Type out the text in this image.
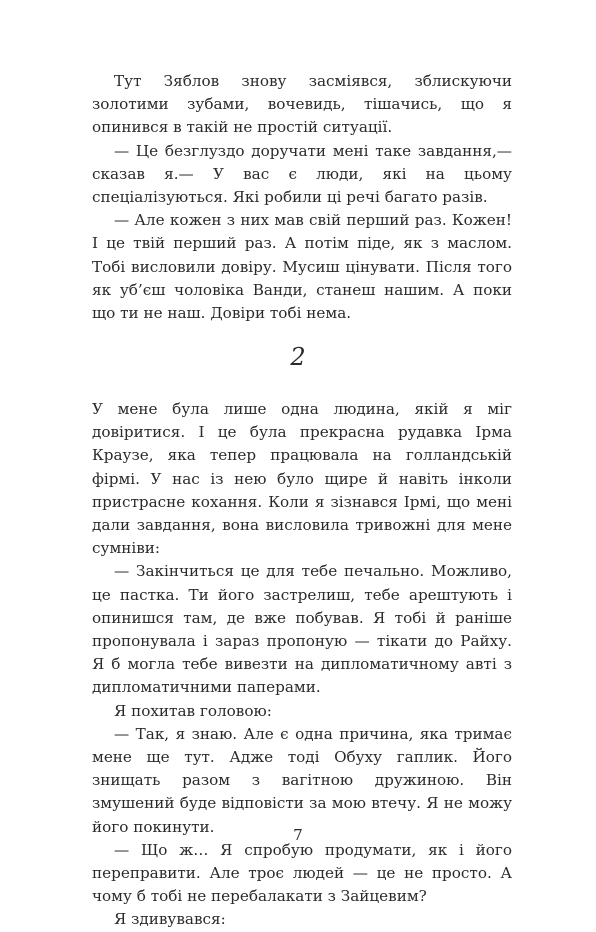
Тут Зяблов знову засміявся, зблискуючи золотими зубами, вочевидь, тішачись, що я опинився в такій не простій ситуації.

— Це безглуздо доручати мені таке завдання,— сказав я.— У вас є люди, які на цьому спеціалізуються. Які робили ці речі багато разів.

— Але кожен з них мав свій перший раз. Кожен! І це твій перший раз. А потім піде, як з маслом. Тобі висловили довіру. Мусиш цінувати. Після того як уб’єш чоловіка Ванди, станеш нашим. А поки що ти не наш. Довіри тобі нема.

2

У мене була лише одна людина, якій я міг довіритися. І це була прекрасна рудавка Ірма Краузе, яка тепер працювала на голландській фірмі. У нас із нею було щире й навіть інколи пристрасне кохання. Коли я зізнався Ірмі, що мені дали завдання, вона висловила тривожні для мене сумніви:

— Закінчиться це для тебе печально. Можливо, це пастка. Ти його застрелиш, тебе арештують і опинишся там, де вже побував. Я тобі й раніше пропонувала і зараз пропоную — тікати до Райху. Я б могла тебе вивезти на дипломатичному авті з дипломатичними паперами.

Я похитав головою:

— Так, я знаю. Але є одна причина, яка тримає мене ще тут. Адже тоді Обуху гаплик. Його знищать разом з вагітною дружиною. Він змушений буде відповісти за мою втечу. Я не можу його покинути.

— Що ж… Я спробую продумати, як і його переправити. Але троє людей — це не просто. А чому б тобі не перебалакати з Зайцевим?

Я здивувався:

7
